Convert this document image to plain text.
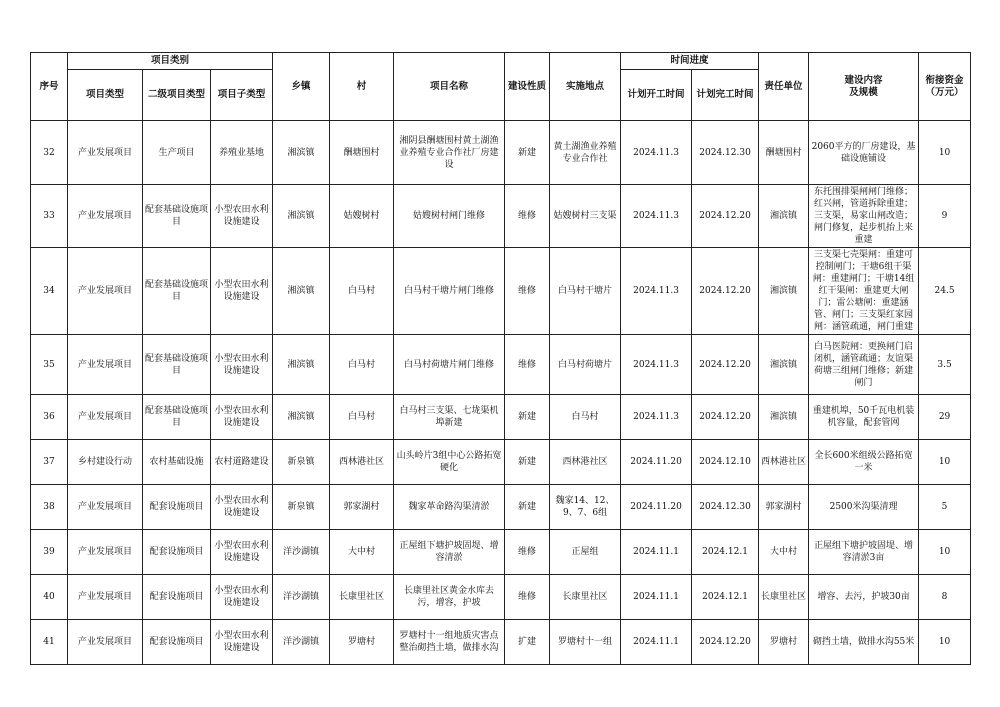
序号	项目类别			乡镇	村	项目名称	建设性质	实施地点	时间进度		责任单位	建设内容
及规模	衔接资金
（万元）
	项目类型	二级项目类型	项目子类型						计划开工时间	计划完工时间			
32	产业发展项目	生产项目	养殖业基地	湘滨镇	酬塘围村	湘阴县酬塘围村黄土湖渔业养殖专业合作社厂房建设	新建	黄土湖渔业养殖专业合作社	2024.11.3	2024.12.30	酬塘围村	2060平方的厂房建设，基础设施铺设	10
33	产业发展项目	配套基础设施项目	小型农田水利设施建设	湘滨镇	姑嫂树村	姑嫂树村闸门维修	维修	姑嫂树村三支渠	2024.11.3	2024.12.20	湘滨镇	东托围排渠闸闸门维修；红兴闸，管道拆除重建；三支渠，易家山闸改造；闸门修复，起步机抬上来重建	9
34	产业发展项目	配套基础设施项目	小型农田水利设施建设	湘滨镇	白马村	白马村干塘片闸门维修	维修	白马村干塘片	2024.11.3	2024.12.20	湘滨镇	三支渠七壳渠闸：重建可控制闸门；干塘6组干渠闸：重建闸门；干塘14组红干渠闸：重建更大闸门；雷公塘闸：重建涵管、闸门；三支渠红家园闸：涵管疏通，闸门重建	24.5
35	产业发展项目	配套基础设施项目	小型农田水利设施建设	湘滨镇	白马村	白马村荷塘片闸门维修	维修	白马村荷塘片	2024.11.3	2024.12.20	湘滨镇	白马医院闸：更换闸门启闭机，涵管疏通；友谊渠荷塘三组闸门维修；新建闸门	3.5
36	产业发展项目	配套基础设施项目	小型农田水利设施建设	湘滨镇	白马村	白马村三支渠、七垅渠机埠新建	新建	白马村	2024.11.3	2024.12.20	湘滨镇	重建机埠，50千瓦电机装机容量，配套管网	29
37	乡村建设行动	农村基础设施	农村道路建设	新泉镇	西林港社区	山头岭片3组中心公路拓宽硬化	新建	西林港社区	2024.11.20	2024.12.10	西林港社区	全长600米组级公路拓宽一米	10
38	产业发展项目	配套设施项目	小型农田水利设施建设	新泉镇	郭家湖村	魏家革命路沟渠清淤	新建	魏家14、12、9、7、6组	2024.11.20	2024.12.30	郭家湖村	2500米沟渠清理	5
39	产业发展项目	配套设施项目	小型农田水利设施建设	洋沙湖镇	大中村	正屋组下塘护坡固堤、增容清淤	维修	正屋组	2024.11.1	2024.12.1	大中村	正屋组下塘护坡固堤、增容清淤3亩	10
40	产业发展项目	配套设施项目	小型农田水利设施建设	洋沙湖镇	长康里社区	长康里社区黄金水库去污，增容，护坡	维修	长康里社区	2024.11.1	2024.12.1	长康里社区	增容、去污，护坡30亩	8
41	产业发展项目	配套设施项目	小型农田水利设施建设	洋沙湖镇	罗塘村	罗塘村十一组地质灾害点整治砌挡土墙，做排水沟	扩建	罗塘村十一组	2024.11.1	2024.12.20	罗塘村	砌挡土墙，做排水沟55米	10
